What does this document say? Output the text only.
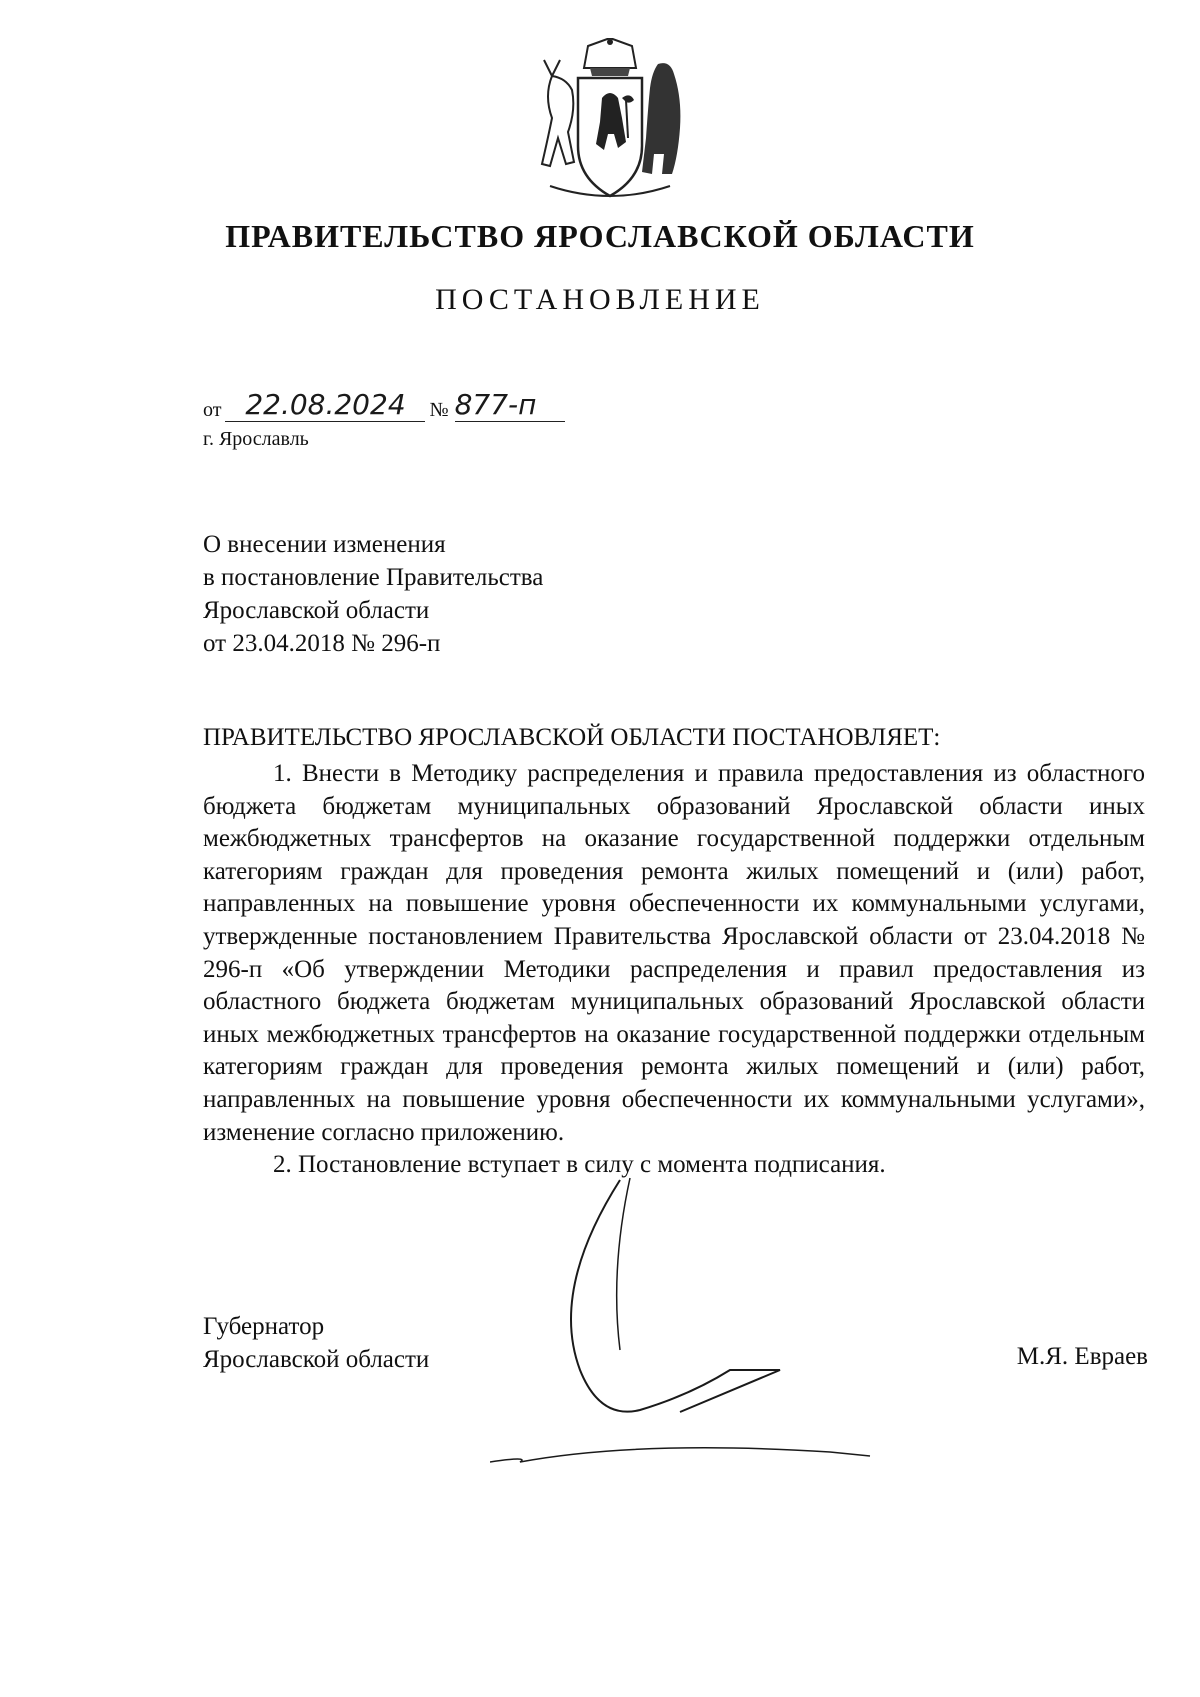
ПРАВИТЕЛЬСТВО ЯРОСЛАВСКОЙ ОБЛАСТИ
ПОСТАНОВЛЕНИЕ
от 22.08.2024 № 877-п
г. Ярославль
О внесении изменения
в постановление Правительства
Ярославской области
от 23.04.2018 № 296-п
ПРАВИТЕЛЬСТВО ЯРОСЛАВСКОЙ ОБЛАСТИ ПОСТАНОВЛЯЕТ:

1. Внести в Методику распределения и правила предоставления из областного бюджета бюджетам муниципальных образований Ярославской области иных межбюджетных трансфертов на оказание государственной поддержки отдельным категориям граждан для проведения ремонта жилых помещений и (или) работ, направленных на повышение уровня обеспеченности их коммунальными услугами, утвержденные постановлением Правительства Ярославской области от 23.04.2018 № 296-п «Об утверждении Методики распределения и правил предоставления из областного бюджета бюджетам муниципальных образований Ярославской области иных межбюджетных трансфертов на оказание государственной поддержки отдельным категориям граждан для проведения ремонта жилых помещений и (или) работ, направленных на повышение уровня обеспеченности их коммунальными услугами», изменение согласно приложению.

2. Постановление вступает в силу с момента подписания.

Губернатор
Ярославской области	М.Я. Евраев
